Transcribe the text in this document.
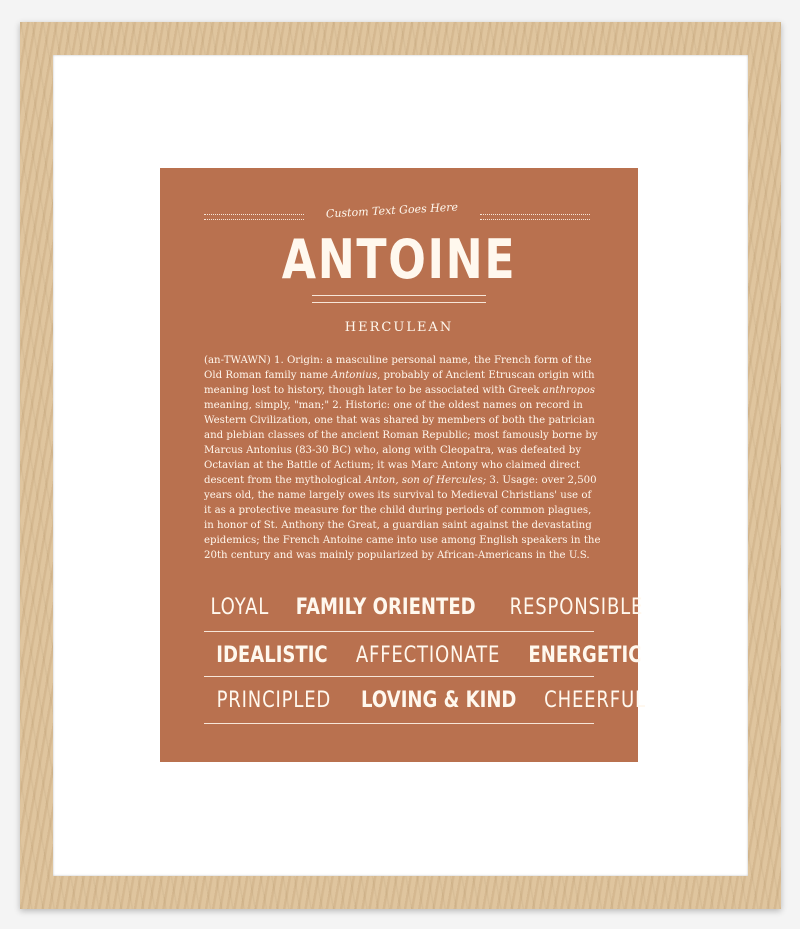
Custom Text Goes Here
ANTOINE
HERCULEAN
(an-TWAWN) 1. Origin: a masculine personal name, the French form of the
Old Roman family name Antonius, probably of Ancient Etruscan origin with
meaning lost to history, though later to be associated with Greek anthropos
meaning, simply, "man;" 2. Historic: one of the oldest names on record in
Western Civilization, one that was shared by members of both the patrician
and plebian classes of the ancient Roman Republic; most famously borne by
Marcus Antonius (83-30 BC) who, along with Cleopatra, was defeated by
Octavian at the Battle of Actium; it was Marc Antony who claimed direct
descent from the mythological Anton, son of Hercules; 3. Usage: over 2,500
years old, the name largely owes its survival to Medieval Christians' use of
it as a protective measure for the child during periods of common plagues,
in honor of St. Anthony the Great, a guardian saint against the devastating
epidemics; the French Antoine came into use among English speakers in the
20th century and was mainly popularized by African-Americans in the U.S.
LOYAL FAMILY ORIENTED RESPONSIBLE
IDEALISTIC AFFECTIONATE ENERGETIC
PRINCIPLED LOVING & KIND CHEERFUL
